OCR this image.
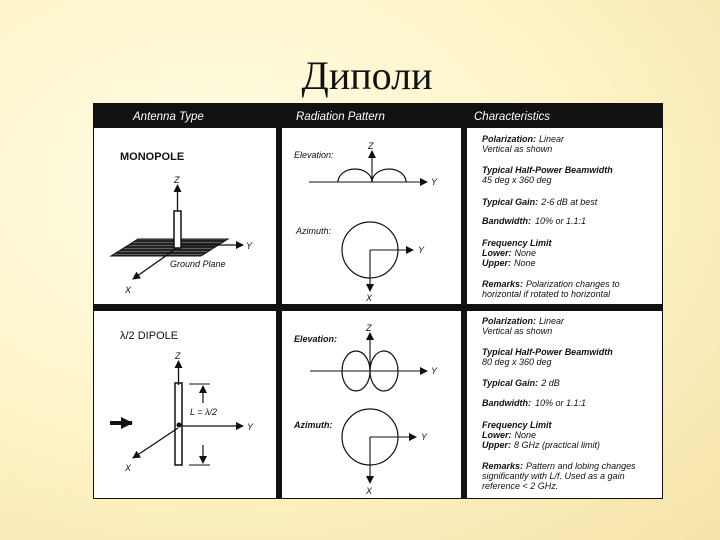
Диполи
Antenna Type	Radiation Pattern	Characteristics
MONOPOLE
Z
Y
X
Ground Plane
Elevation:
Z
Y
Azimuth:
Y
X
Polarization: Linear
Vertical as shown
Typical Half-Power Beamwidth
45 deg x 360 deg
Typical Gain: 2-6 dB at best
Bandwidth: 10% or 1.1:1
Frequency Limit
Lower: None
Upper: None
Remarks: Polarization changes to
horizontal if rotated to horizontal
λ/2 DIPOLE
Z
Y
X
L = λ/2
Elevation:
Z
Y
Azimuth:
Y
X
Polarization: Linear
Vertical as shown
Typical Half-Power Beamwidth
80 deg x 360 deg
Typical Gain: 2 dB
Bandwidth: 10% or 1.1:1
Frequency Limit
Lower: None
Upper: 8 GHz (practical limit)
Remarks: Pattern and lobing changes
significantly with L/f. Used as a gain
reference < 2 GHz.
